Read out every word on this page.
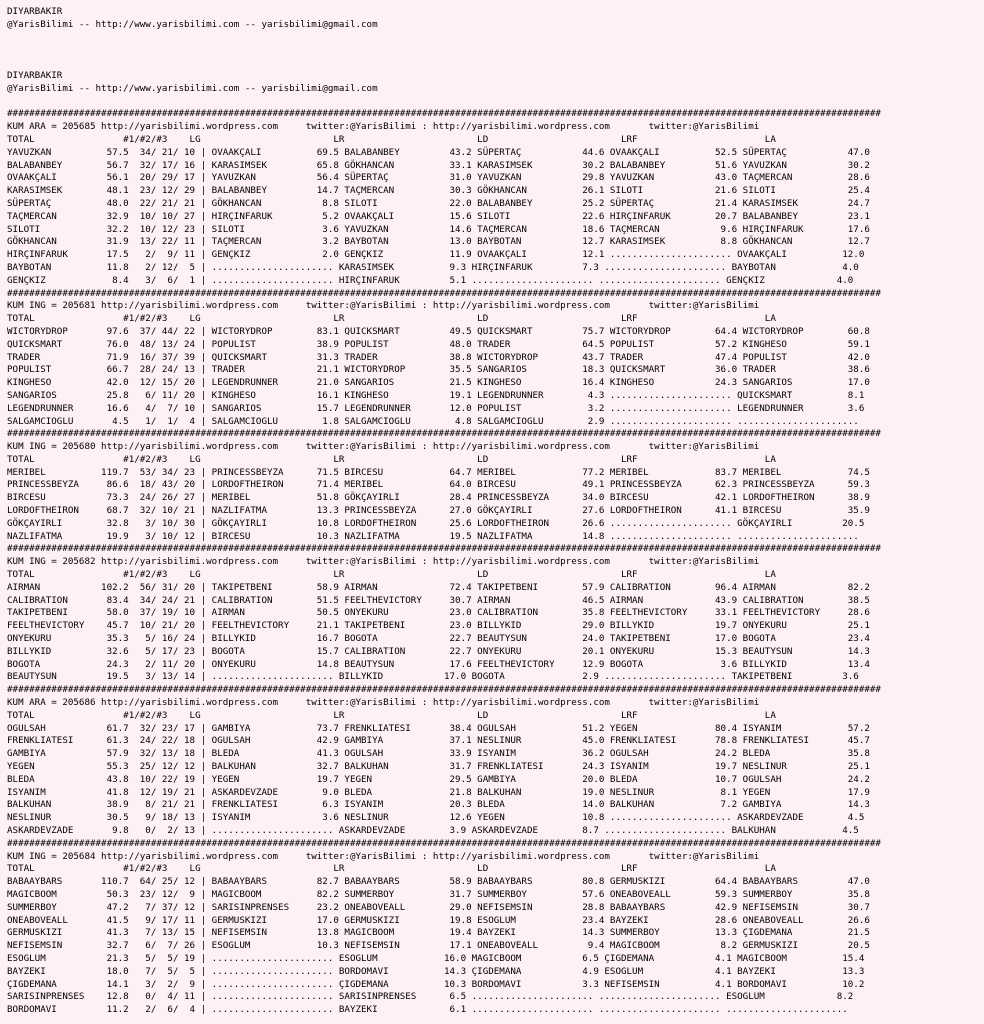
DIYARBAKIR
@YarisBilimi -- http://www.yarisbilimi.com -- yarisbilimi@gmail.com

DIYARBAKIR
@YarisBilimi -- http://www.yarisbilimi.com -- yarisbilimi@gmail.com

##############################################################################################################################################################
KUM ARA = 205685 http://yarisbilimi.wordpress.com     twitter:@YarisBilimi : http://yarisbilimi.wordpress.com       twitter:@YarisBilimi
TOTAL                #1/#2/#3    LG                        LR                        LD                        LRF                       LA
YAVUZKAN          57.5  34/ 21/ 10 | OVAAKÇALI          69.5 BALABANBEY         43.2 SÜPERTAÇ           44.6 OVAAKÇALI          52.5 SÜPERTAÇ           47.0
BALABANBEY        56.7  32/ 17/ 16 | KARASIMSEK         65.8 GÖKHANCAN          33.1 KARASIMSEK         30.2 BALABANBEY         51.6 YAVUZKAN           30.2
OVAAKÇALI         56.1  20/ 29/ 17 | YAVUZKAN           56.4 SÜPERTAÇ           31.0 YAVUZKAN           29.8 YAVUZKAN           43.0 TAÇMERCAN          28.6
KARASIMSEK        48.1  23/ 12/ 29 | BALABANBEY         14.7 TAÇMERCAN          30.3 GÖKHANCAN          26.1 SILOTI             21.6 SILOTI             25.4
SÜPERTAÇ          48.0  22/ 21/ 21 | GÖKHANCAN           8.8 SILOTI             22.0 BALABANBEY         25.2 SÜPERTAÇ           21.4 KARASIMSEK         24.7
TAÇMERCAN         32.9  10/ 10/ 27 | HIRÇINFARUK         5.2 OVAAKÇALI          15.6 SILOTI             22.6 HIRÇINFARUK        20.7 BALABANBEY         23.1
SILOTI            32.2  10/ 12/ 23 | SILOTI              3.6 YAVUZKAN           14.6 TAÇMERCAN          18.6 TAÇMERCAN           9.6 HIRÇINFARUK        17.6
GÖKHANCAN         31.9  13/ 22/ 11 | TAÇMERCAN           3.2 BAYBOTAN           13.0 BAYBOTAN           12.7 KARASIMSEK          8.8 GÖKHANCAN          12.7
HIRÇINFARUK       17.5   2/  9/ 11 | GENÇKIZ             2.0 GENÇKIZ            11.9 OVAAKÇALI          12.1 ...................... OVAAKÇALI          12.0
BAYBOTAN          11.8   2/ 12/  5 | ...................... KARASIMSEK          9.3 HIRÇINFARUK         7.3 ...................... BAYBOTAN            4.0
GENÇKIZ            8.4   3/  6/  1 | ...................... HIRÇINFARUK         5.1 ...................... ...................... GENÇKIZ             4.0
##############################################################################################################################################################
KUM ING = 205681 http://yarisbilimi.wordpress.com     twitter:@YarisBilimi : http://yarisbilimi.wordpress.com       twitter:@YarisBilimi
TOTAL                #1/#2/#3    LG                        LR                        LD                        LRF                       LA
WICTORYDROP       97.6  37/ 44/ 22 | WICTORYDROP        83.1 QUICKSMART         49.5 QUICKSMART         75.7 WICTORYDROP        64.4 WICTORYDROP        60.8
QUICKSMART        76.0  48/ 13/ 24 | POPULIST           38.9 POPULIST           48.0 TRADER             64.5 POPULIST           57.2 KINGHESO           59.1
TRADER            71.9  16/ 37/ 39 | QUICKSMART         31.3 TRADER             38.8 WICTORYDROP        43.7 TRADER             47.4 POPULIST           42.0
POPULIST          66.7  28/ 24/ 13 | TRADER             21.1 WICTORYDROP        35.5 SANGARIOS          18.3 QUICKSMART         36.0 TRADER             38.6
KINGHESO          42.0  12/ 15/ 20 | LEGENDRUNNER       21.0 SANGARIOS          21.5 KINGHESO           16.4 KINGHESO           24.3 SANGARIOS          17.0
SANGARIOS         25.8   6/ 11/ 20 | KINGHESO           16.1 KINGHESO           19.1 LEGENDRUNNER        4.3 ...................... QUICKSMART          8.1
LEGENDRUNNER      16.6   4/  7/ 10 | SANGARIOS          15.7 LEGENDRUNNER       12.0 POPULIST            3.2 ...................... LEGENDRUNNER        3.6
SALGAMCIOGLU       4.5   1/  1/  4 | SALGAMCIOGLU        1.8 SALGAMCIOGLU        4.8 SALGAMCIOGLU        2.9 ...................... ......................
##############################################################################################################################################################
KUM ING = 205680 http://yarisbilimi.wordpress.com     twitter:@YarisBilimi : http://yarisbilimi.wordpress.com       twitter:@YarisBilimi
TOTAL                #1/#2/#3    LG                        LR                        LD                        LRF                       LA
MERIBEL          119.7  53/ 34/ 23 | PRINCESSBEYZA      71.5 BIRCESU            64.7 MERIBEL            77.2 MERIBEL            83.7 MERIBEL            74.5
PRINCESSBEYZA     86.6  18/ 43/ 20 | LORDOFTHEIRON      71.4 MERIBEL            64.0 BIRCESU            49.1 PRINCESSBEYZA      62.3 PRINCESSBEYZA      59.3
BIRCESU           73.3  24/ 26/ 27 | MERIBEL            51.8 GÖKÇAYIRLI         28.4 PRINCESSBEYZA      34.0 BIRCESU            42.1 LORDOFTHEIRON      38.9
LORDOFTHEIRON     68.7  32/ 10/ 21 | NAZLIFATMA         13.3 PRINCESSBEYZA      27.0 GÖKÇAYIRLI         27.6 LORDOFTHEIRON      41.1 BIRCESU            35.9
GÖKÇAYIRLI        32.8   3/ 10/ 30 | GÖKÇAYIRLI         10.8 LORDOFTHEIRON      25.6 LORDOFTHEIRON      26.6 ...................... GÖKÇAYIRLI         20.5
NAZLIFATMA        19.9   3/ 10/ 12 | BIRCESU            10.3 NAZLIFATMA         19.5 NAZLIFATMA         14.8 ...................... ......................
##############################################################################################################################################################
KUM ING = 205682 http://yarisbilimi.wordpress.com     twitter:@YarisBilimi : http://yarisbilimi.wordpress.com       twitter:@YarisBilimi
TOTAL                #1/#2/#3    LG                        LR                        LD                        LRF                       LA
AIRMAN           102.2  56/ 31/ 20 | TAKIPETBENI        58.9 AIRMAN             72.4 TAKIPETBENI        57.9 CALIBRATION        96.4 AIRMAN             82.2
CALIBRATION       83.4  34/ 24/ 21 | CALIBRATION        51.5 FEELTHEVICTORY     30.7 AIRMAN             46.5 AIRMAN             43.9 CALIBRATION        38.5
TAKIPETBENI       58.0  37/ 19/ 10 | AIRMAN             50.5 ONYEKURU           23.0 CALIBRATION        35.8 FEELTHEVICTORY     33.1 FEELTHEVICTORY     28.6
FEELTHEVICTORY    45.7  10/ 21/ 20 | FEELTHEVICTORY     21.1 TAKIPETBENI        23.0 BILLYKID           29.0 BILLYKID           19.7 ONYEKURU           25.1
ONYEKURU          35.3   5/ 16/ 24 | BILLYKID           16.7 BOGOTA             22.7 BEAUTYSUN          24.0 TAKIPETBENI        17.0 BOGOTA             23.4
BILLYKID          32.6   5/ 17/ 23 | BOGOTA             15.7 CALIBRATION        22.7 ONYEKURU           20.1 ONYEKURU           15.3 BEAUTYSUN          14.3
BOGOTA            24.3   2/ 11/ 20 | ONYEKURU           14.8 BEAUTYSUN          17.6 FEELTHEVICTORY     12.9 BOGOTA              3.6 BILLYKID           13.4
BEAUTYSUN         19.5   3/ 13/ 14 | ...................... BILLYKID           17.0 BOGOTA              2.9 ...................... TAKIPETBENI         3.6
##############################################################################################################################################################
KUM ARA = 205686 http://yarisbilimi.wordpress.com     twitter:@YarisBilimi : http://yarisbilimi.wordpress.com       twitter:@YarisBilimi
TOTAL                #1/#2/#3    LG                        LR                        LD                        LRF                       LA
OGULSAH           61.7  32/ 23/ 17 | GAMBIYA            73.7 FRENKLIATESI       38.4 OGULSAH            51.2 YEGEN              80.4 ISYANIM            57.2
FRENKLIATESI      61.3  24/ 22/ 18 | OGULSAH            42.9 GAMBIYA            37.1 NESLINUR           45.0 FRENKLIATESI       78.8 FRENKLIATESI       45.7
GAMBIYA           57.9  32/ 13/ 18 | BLEDA              41.3 OGULSAH            33.9 ISYANIM            36.2 OGULSAH            24.2 BLEDA              35.8
YEGEN             55.3  25/ 12/ 12 | BALKUHAN           32.7 BALKUHAN           31.7 FRENKLIATESI       24.3 ISYANIM            19.7 NESLINUR           25.1
BLEDA             43.8  10/ 22/ 19 | YEGEN              19.7 YEGEN              29.5 GAMBIYA            20.0 BLEDA              10.7 OGULSAH            24.2
ISYANIM           41.8  12/ 19/ 21 | ASKARDEVZADE        9.0 BLEDA              21.8 BALKUHAN           19.0 NESLINUR            8.1 YEGEN              17.9
BALKUHAN          38.9   8/ 21/ 21 | FRENKLIATESI        6.3 ISYANIM            20.3 BLEDA              14.0 BALKUHAN            7.2 GAMBIYA            14.3
NESLINUR          30.5   9/ 18/ 13 | ISYANIM             3.6 NESLINUR           12.6 YEGEN              10.8 ...................... ASKARDEVZADE        4.5
ASKARDEVZADE       9.8   0/  2/ 13 | ...................... ASKARDEVZADE        3.9 ASKARDEVZADE        8.7 ...................... BALKUHAN            4.5
##############################################################################################################################################################
KUM ING = 205684 http://yarisbilimi.wordpress.com     twitter:@YarisBilimi : http://yarisbilimi.wordpress.com       twitter:@YarisBilimi
TOTAL                #1/#2/#3    LG                        LR                        LD                        LRF                       LA
BABAAYBARS       110.7  64/ 25/ 12 | BABAAYBARS         82.7 BABAAYBARS         58.9 BABAAYBARS         80.8 GERMUSKIZI         64.4 BABAAYBARS         47.0
MAGICBOOM         50.3  23/ 12/  9 | MAGICBOOM          82.2 SUMMERBOY          31.7 SUMMERBOY          57.6 ONEABOVEALL        59.3 SUMMERBOY          35.8
SUMMERBOY         47.2   7/ 37/ 12 | SARISINPRENSES     23.2 ONEABOVEALL        29.0 NEFISEMSIN         28.8 BABAAYBARS         42.9 NEFISEMSIN         30.7
ONEABOVEALL       41.5   9/ 17/ 11 | GERMUSKIZI         17.0 GERMUSKIZI         19.8 ESOGLUM            23.4 BAYZEKI            28.6 ONEABOVEALL        26.6
GERMUSKIZI        41.3   7/ 13/ 15 | NEFISEMSIN         13.8 MAGICBOOM          19.4 BAYZEKI            14.3 SUMMERBOY          13.3 ÇIGDEMANA          21.5
NEFISEMSIN        32.7   6/  7/ 26 | ESOGLUM            10.3 NEFISEMSIN         17.1 ONEABOVEALL         9.4 MAGICBOOM           8.2 GERMUSKIZI         20.5
ESOGLUM           21.3   5/  5/ 19 | ...................... ESOGLUM            16.0 MAGICBOOM           6.5 ÇIGDEMANA           4.1 MAGICBOOM          15.4
BAYZEKI           18.0   7/  5/  5 | ...................... BORDOMAVI          14.3 ÇIGDEMANA           4.9 ESOGLUM             4.1 BAYZEKI            13.3
ÇIGDEMANA         14.1   3/  2/  9 | ...................... ÇIGDEMANA          10.3 BORDOMAVI           3.3 NEFISEMSIN          4.1 BORDOMAVI          10.2
SARISINPRENSES    12.8   0/  4/ 11 | ...................... SARISINPRENSES      6.5 ...................... ...................... ESOGLUM             8.2
BORDOMAVI         11.2   2/  6/  4 | ...................... BAYZEKI             6.1 ...................... ...................... ......................
